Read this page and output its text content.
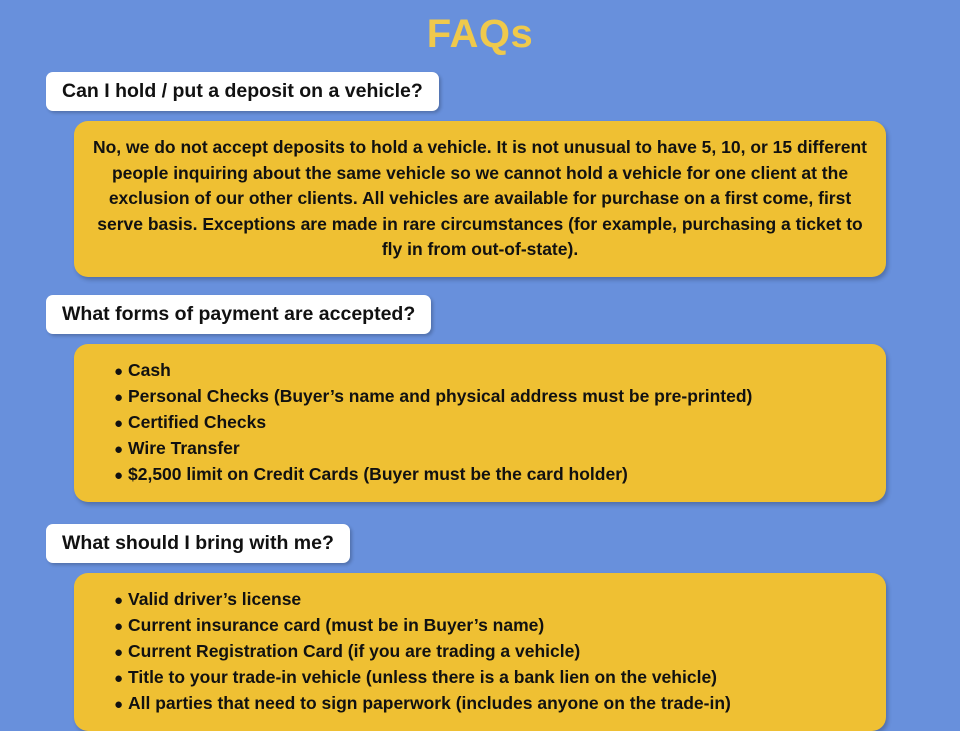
FAQs
Can I hold / put a deposit on a vehicle?
No, we do not accept deposits to hold a vehicle. It is not unusual to have 5, 10, or 15 different people inquiring about the same vehicle so we cannot hold a vehicle for one client at the exclusion of our other clients. All vehicles are available for purchase on a first come, first serve basis. Exceptions are made in rare circumstances (for example, purchasing a ticket to fly in from out-of-state).
What forms of payment are accepted?
● Cash
● Personal Checks (Buyer’s name and physical address must be pre-printed)
● Certified Checks
● Wire Transfer
● $2,500 limit on Credit Cards (Buyer must be the card holder)
What should I bring with me?
● Valid driver’s license
● Current insurance card (must be in Buyer’s name)
● Current Registration Card (if you are trading a vehicle)
● Title to your trade-in vehicle (unless there is a bank lien on the vehicle)
● All parties that need to sign paperwork (includes anyone on the trade-in)
